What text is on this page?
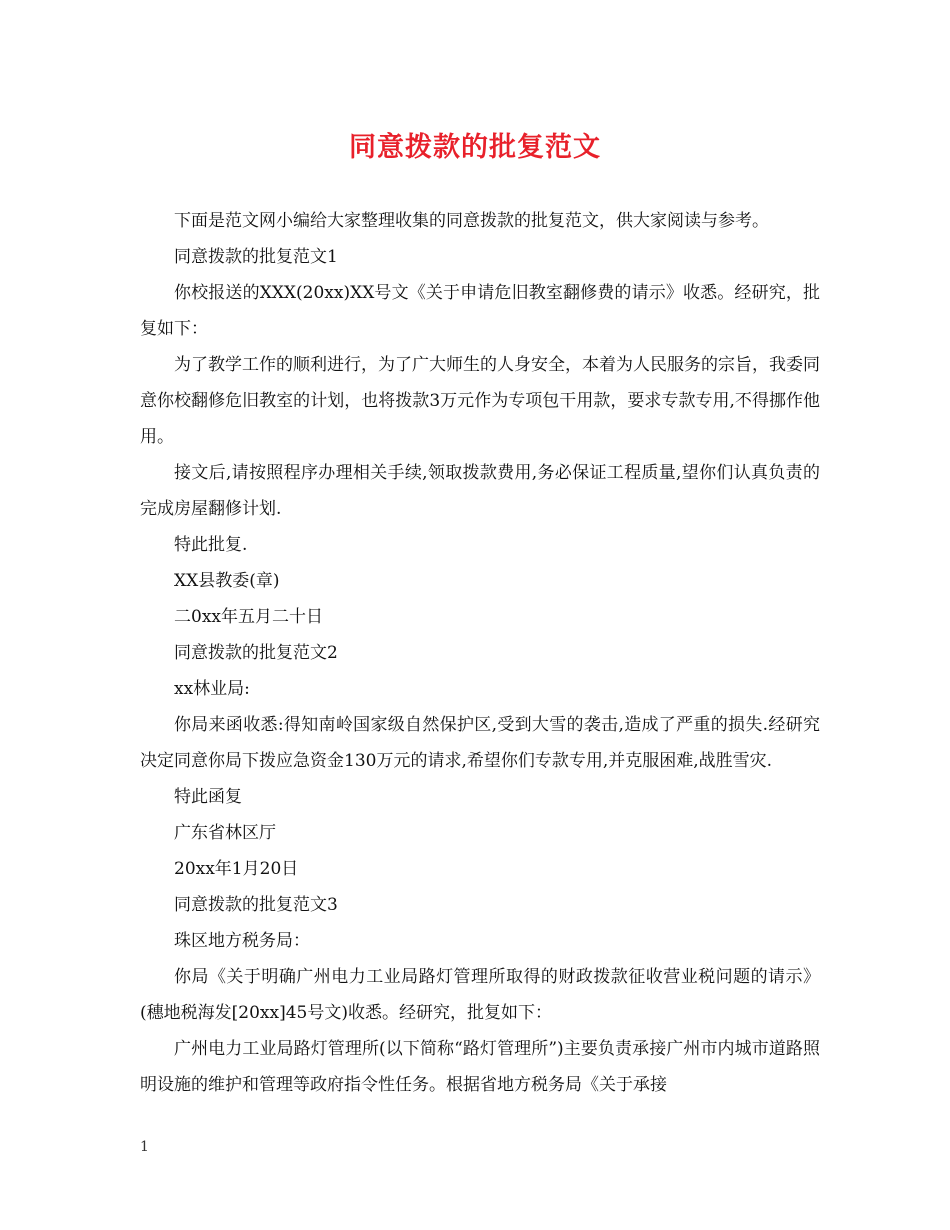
同意拨款的批复范文

下面是范文网小编给大家整理收集的同意拨款的批复范文，供大家阅读与参考。

同意拨款的批复范文1

你校报送的XXX(20xx)XX号文《关于申请危旧教室翻修费的请示》收悉。经研究，批复如下：

为了教学工作的顺利进行，为了广大师生的人身安全，本着为人民服务的宗旨，我委同意你校翻修危旧教室的计划，也将拨款3万元作为专项包干用款，要求专款专用,不得挪作他用。

接文后,请按照程序办理相关手续,领取拨款费用,务必保证工程质量,望你们认真负责的完成房屋翻修计划.

特此批复.

XX县教委(章)

二0xx年五月二十日

同意拨款的批复范文2

xx林业局:

你局来函收悉:得知南岭国家级自然保护区,受到大雪的袭击,造成了严重的损失.经研究决定同意你局下拨应急资金130万元的请求,希望你们专款专用,并克服困难,战胜雪灾.

特此函复

广东省林区厅

20xx年1月20日

同意拨款的批复范文3

珠区地方税务局：

你局《关于明确广州电力工业局路灯管理所取得的财政拨款征收营业税问题的请示》(穗地税海发[20xx]45号文)收悉。经研究，批复如下：

广州电力工业局路灯管理所(以下简称“路灯管理所”)主要负责承接广州市内城市道路照明设施的维护和管理等政府指令性任务。根据省地方税务局《关于承接

1
